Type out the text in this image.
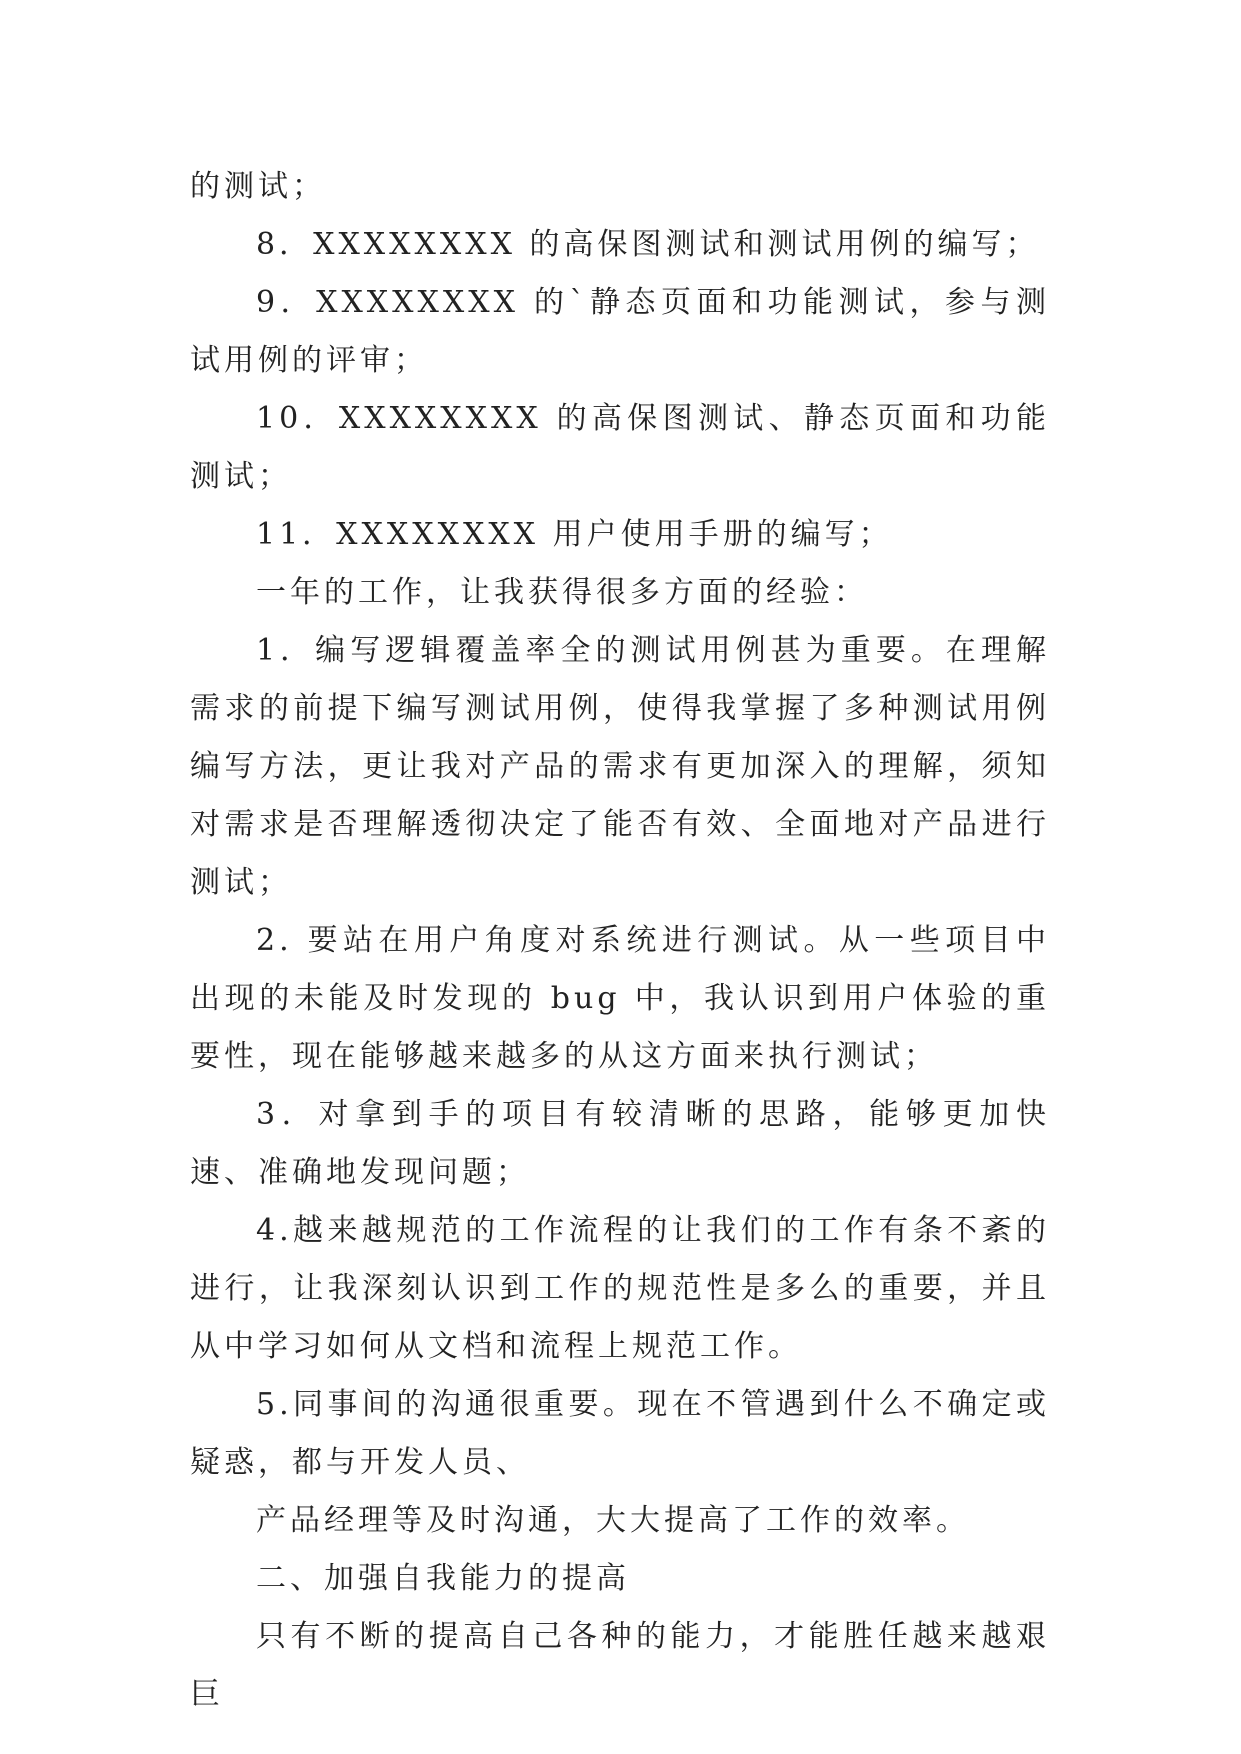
的测试；

8．XXXXXXXX 的高保图测试和测试用例的编写；

9．XXXXXXXX 的`静态页面和功能测试，参与测试用例的评审；

10．XXXXXXXX 的高保图测试、静态页面和功能测试；

11．XXXXXXXX 用户使用手册的编写；

一年的工作，让我获得很多方面的经验：

1．编写逻辑覆盖率全的测试用例甚为重要。在理解需求的前提下编写测试用例，使得我掌握了多种测试用例编写方法，更让我对产品的需求有更加深入的理解，须知对需求是否理解透彻决定了能否有效、全面地对产品进行测试；

2. 要站在用户角度对系统进行测试。从一些项目中出现的未能及时发现的 bug 中，我认识到用户体验的重要性，现在能够越来越多的从这方面来执行测试；

3．对拿到手的项目有较清晰的思路，能够更加快速、准确地发现问题；

4.越来越规范的工作流程的让我们的工作有条不紊的进行，让我深刻认识到工作的规范性是多么的重要，并且从中学习如何从文档和流程上规范工作。

5.同事间的沟通很重要。现在不管遇到什么不确定或疑惑，都与开发人员、

产品经理等及时沟通，大大提高了工作的效率。

二、加强自我能力的提高

只有不断的提高自己各种的能力，才能胜任越来越艰巨
